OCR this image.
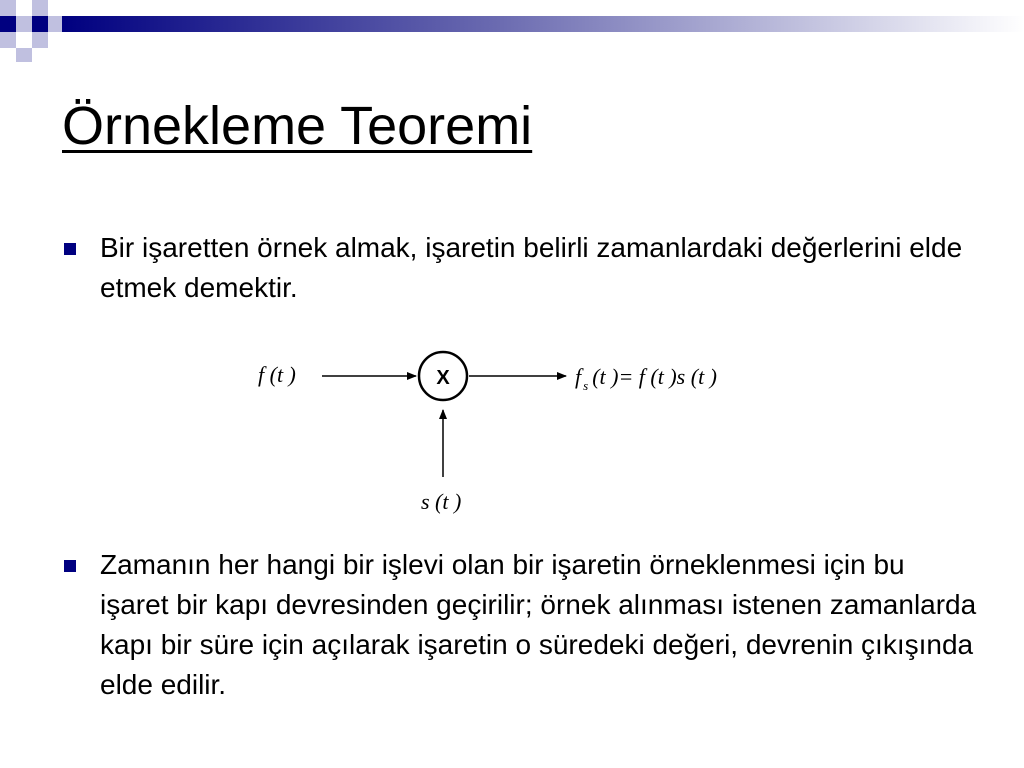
Örnekleme Teoremi

Bir işaretten örnek almak, işaretin belirli zamanlardaki değerlerini elde etmek demektir.

f (t )	X	f $_s$ (t )= f (t )s (t )
s (t )

Zamanın her hangi bir işlevi olan bir işaretin örneklenmesi için bu işaret bir kapı devresinden geçirilir; örnek alınması istenen zamanlarda kapı bir süre için açılarak işaretin o süredeki değeri, devrenin çıkışında elde edilir.
